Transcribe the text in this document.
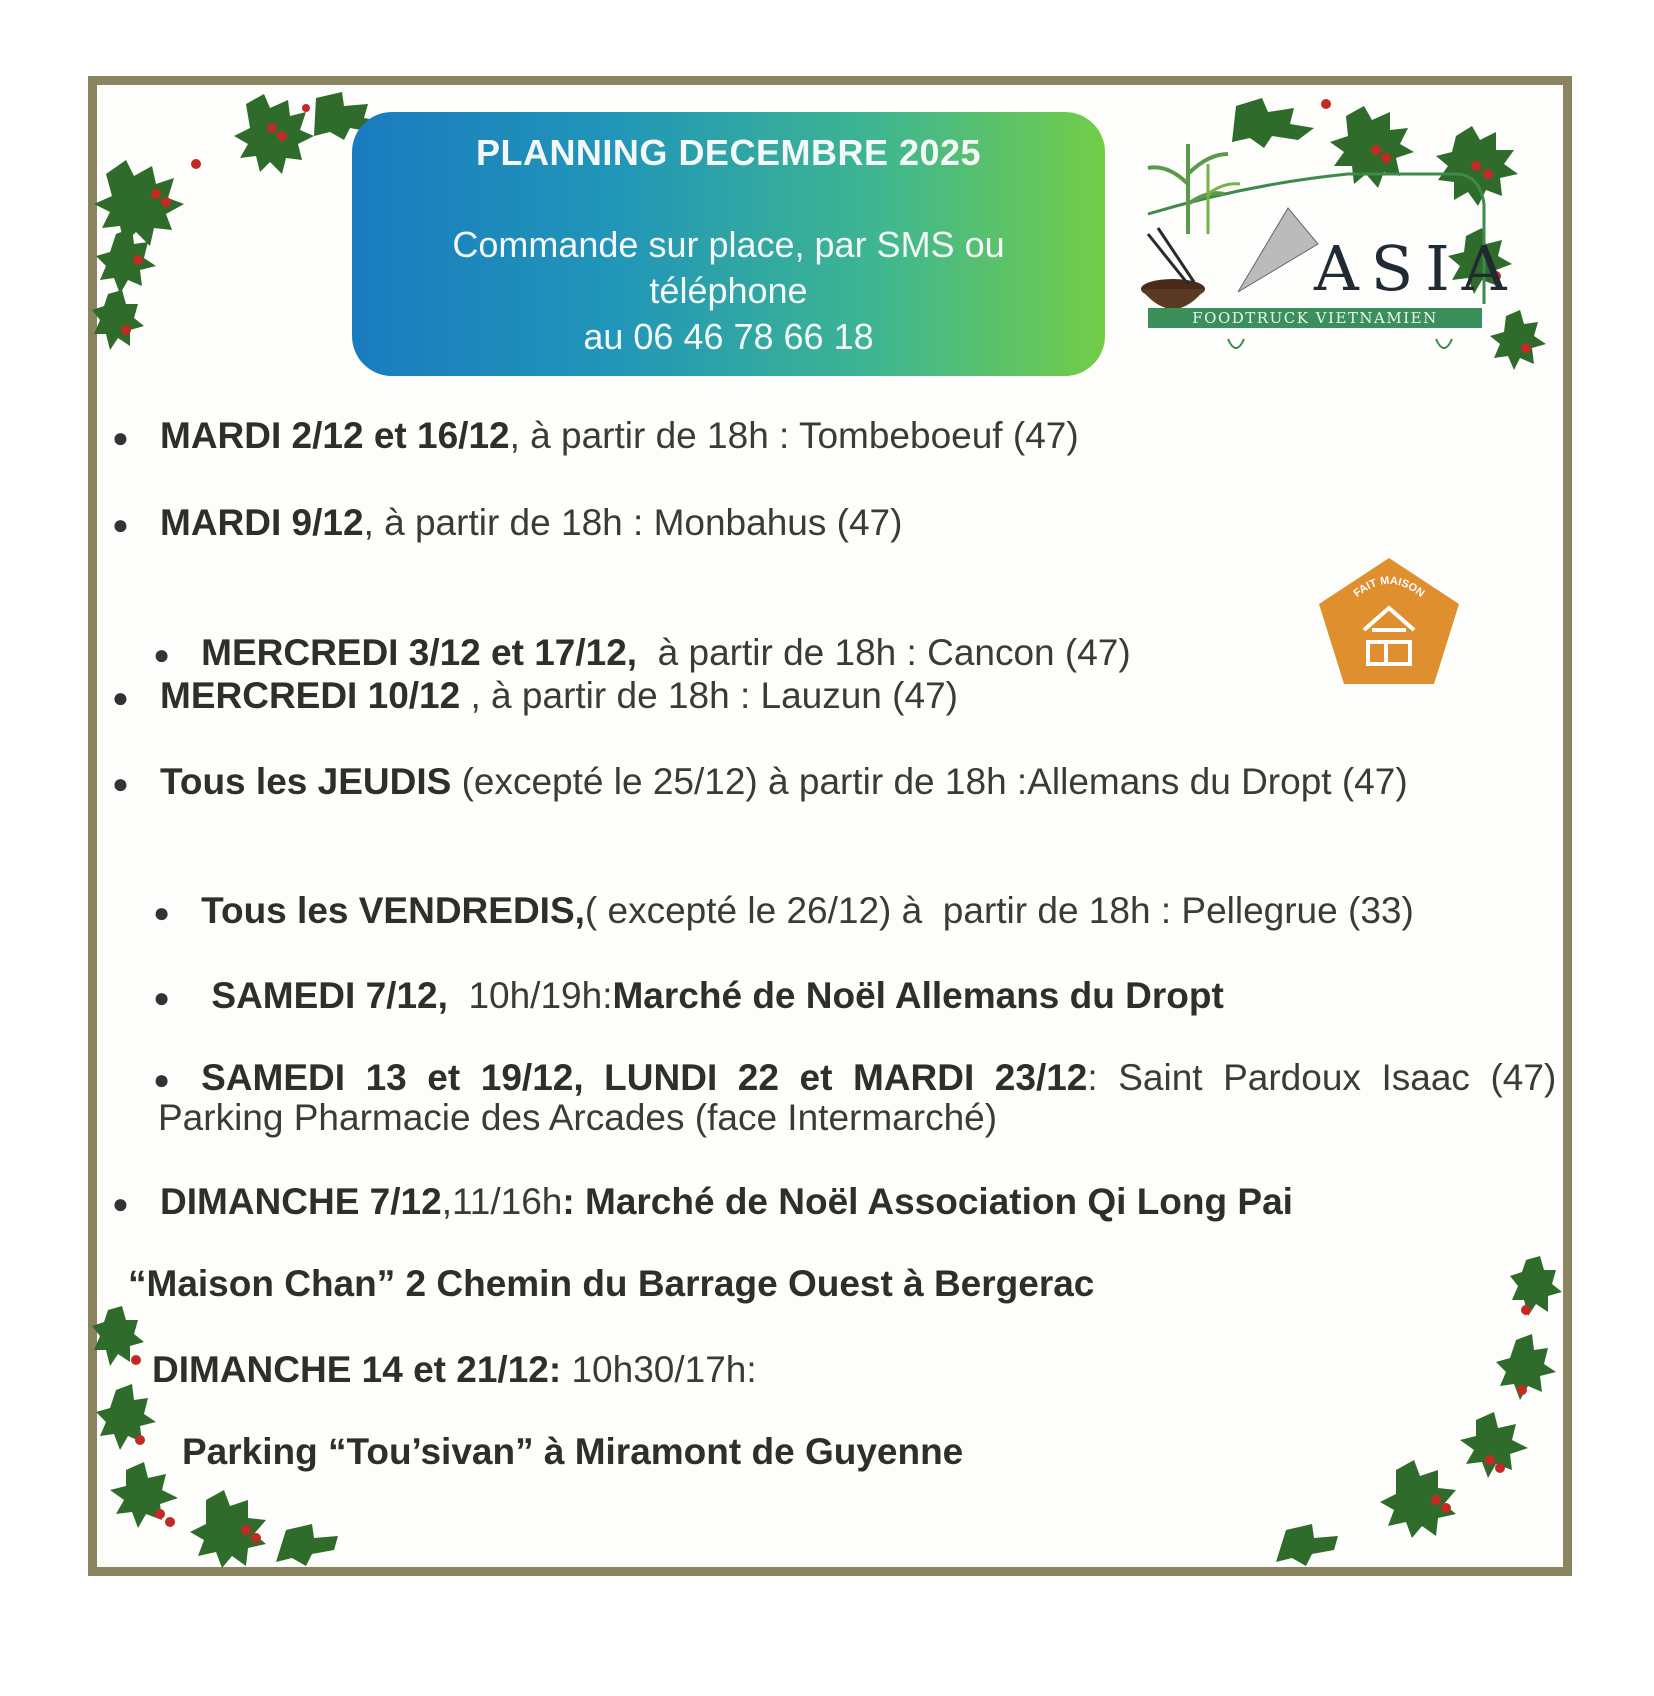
PLANNING DECEMBRE 2025
Commande sur place, par SMS ou
téléphone
au 06 46 78 66 18
ASIA
FOODTRUCK VIETNAMIEN
FAIT MAISON
● MARDI 2/12 et 16/12, à partir de 18h : Tombeboeuf (47)
● MARDI 9/12, à partir de 18h : Monbahus (47)

● MERCREDI 3/12 et 17/12,  à partir de 18h : Cancon (47)

● MERCREDI 10/12 , à partir de 18h : Lauzun (47)
● Tous les JEUDIS (excepté le 25/12) à partir de 18h :Allemans du Dropt (47)

● Tous les VENDREDIS,( excepté le 26/12) à  partir de 18h : Pellegrue (33)

● SAMEDI 7/12,  10h/19h:Marché de Noël Allemans du Dropt

● SAMEDI  13  et  19/12,  LUNDI  22  et  MARDI  23/12:  Saint  Pardoux  Isaac  (47)

Parking Pharmacie des Arcades (face Intermarché)
● DIMANCHE 7/12,11/16h: Marché de Noël Association Qi Long Pai
“Maison Chan” 2 Chemin du Barrage Ouest à Bergerac
DIMANCHE 14 et 21/12: 10h30/17h:
Parking “Tou’sivan” à Miramont de Guyenne
